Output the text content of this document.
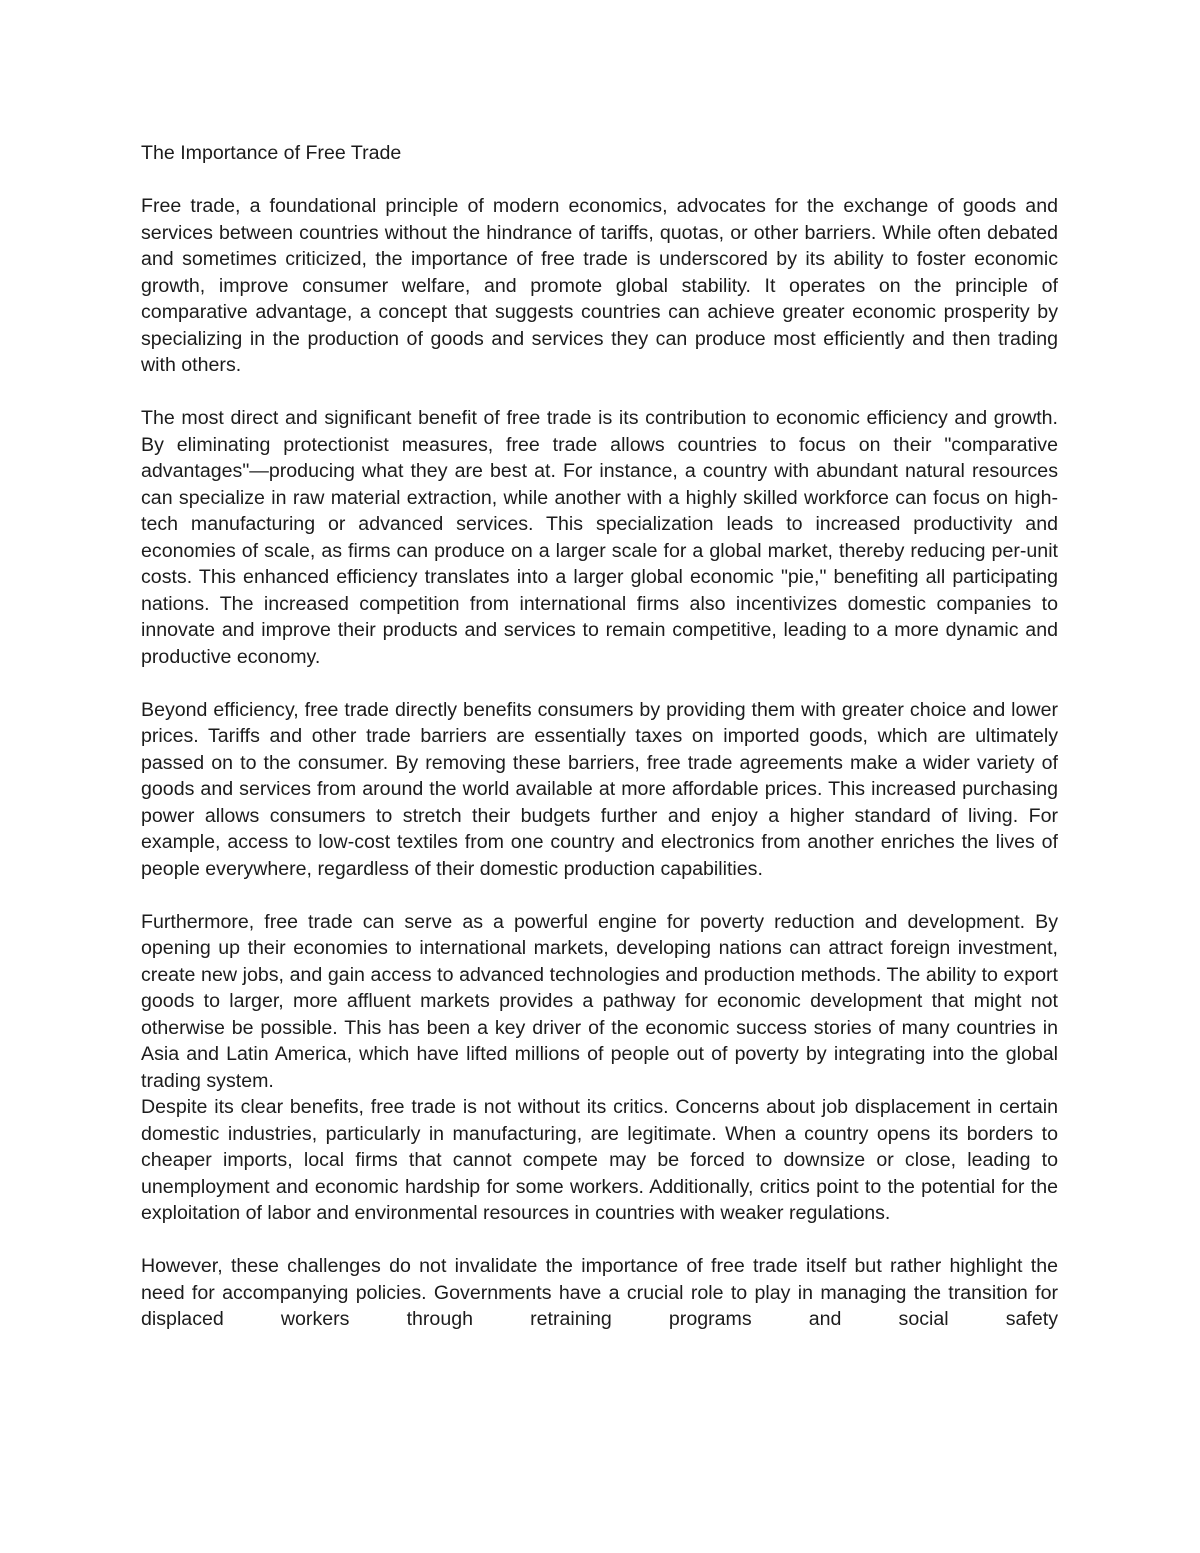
The Importance of Free Trade

Free trade, a foundational principle of modern economics, advocates for the exchange of goods and services between countries without the hindrance of tariffs, quotas, or other barriers. While often debated and sometimes criticized, the importance of free trade is underscored by its ability to foster economic growth, improve consumer welfare, and promote global stability. It operates on the principle of comparative advantage, a concept that suggests countries can achieve greater economic prosperity by specializing in the production of goods and services they can produce most efficiently and then trading with others.

The most direct and significant benefit of free trade is its contribution to economic efficiency and growth. By eliminating protectionist measures, free trade allows countries to focus on their "comparative advantages"—producing what they are best at. For instance, a country with abundant natural resources can specialize in raw material extraction, while another with a highly skilled workforce can focus on high-tech manufacturing or advanced services. This specialization leads to increased productivity and economies of scale, as firms can produce on a larger scale for a global market, thereby reducing per-unit costs. This enhanced efficiency translates into a larger global economic "pie," benefiting all participating nations. The increased competition from international firms also incentivizes domestic companies to innovate and improve their products and services to remain competitive, leading to a more dynamic and productive economy.

Beyond efficiency, free trade directly benefits consumers by providing them with greater choice and lower prices. Tariffs and other trade barriers are essentially taxes on imported goods, which are ultimately passed on to the consumer. By removing these barriers, free trade agreements make a wider variety of goods and services from around the world available at more affordable prices. This increased purchasing power allows consumers to stretch their budgets further and enjoy a higher standard of living. For example, access to low-cost textiles from one country and electronics from another enriches the lives of people everywhere, regardless of their domestic production capabilities.

Furthermore, free trade can serve as a powerful engine for poverty reduction and development. By opening up their economies to international markets, developing nations can attract foreign investment, create new jobs, and gain access to advanced technologies and production methods. The ability to export goods to larger, more affluent markets provides a pathway for economic development that might not otherwise be possible. This has been a key driver of the economic success stories of many countries in Asia and Latin America, which have lifted millions of people out of poverty by integrating into the global trading system.

Despite its clear benefits, free trade is not without its critics. Concerns about job displacement in certain domestic industries, particularly in manufacturing, are legitimate. When a country opens its borders to cheaper imports, local firms that cannot compete may be forced to downsize or close, leading to unemployment and economic hardship for some workers. Additionally, critics point to the potential for the exploitation of labor and environmental resources in countries with weaker regulations.

However, these challenges do not invalidate the importance of free trade itself but rather highlight the need for accompanying policies. Governments have a crucial role to play in managing the transition for displaced workers through retraining programs and social safety
